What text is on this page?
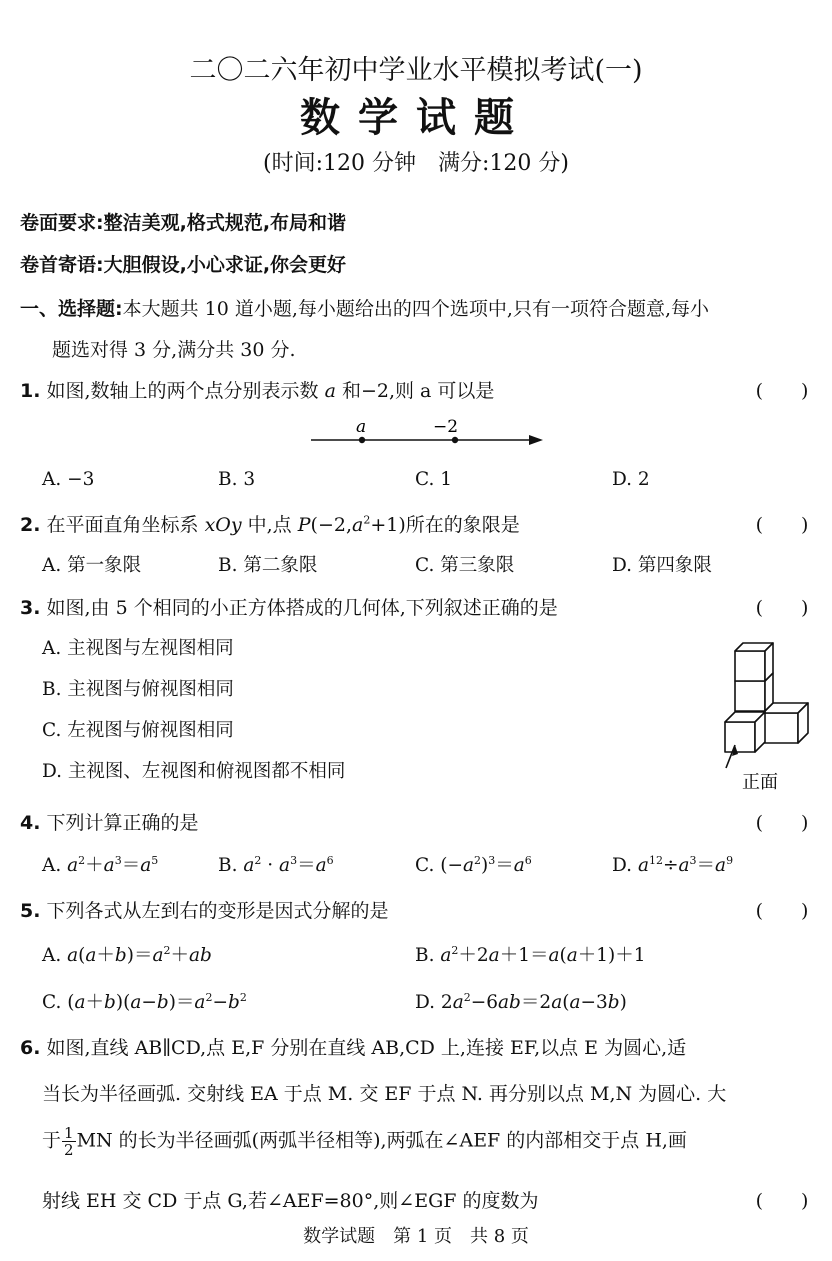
二〇二六年初中学业水平模拟考试(一)
数学试题
(时间:120 分钟　满分:120 分)
卷面要求:整洁美观,格式规范,布局和谐
卷首寄语:大胆假设,小心求证,你会更好
一、选择题:本大题共 10 道小题,每小题给出的四个选项中,只有一项符合题意,每小
题选对得 3 分,满分共 30 分.
1. 如图,数轴上的两个点分别表示数 a 和−2,则 a 可以是	(　　)
a	−2
A. −3	B. 3	C. 1	D. 2
2. 在平面直角坐标系 xOy 中,点 $P(-2,a^2+1)$所在的象限是	(　　)
A. 第一象限	B. 第二象限	C. 第三象限	D. 第四象限
3. 如图,由 5 个相同的小正方体搭成的几何体,下列叙述正确的是	(　　)
A. 主视图与左视图相同
B. 主视图与俯视图相同
C. 左视图与俯视图相同
D. 主视图、左视图和俯视图都不相同
正面
4. 下列计算正确的是	(　　)
A. $a^2+a^3=a^5$	B. $a^2 \cdot a^3=a^6$	C. $(-a^2)^3=a^6$	D. $a^{12}\div a^3=a^9$
5. 下列各式从左到右的变形是因式分解的是	(　　)
A. $a(a+b)=a^2+ab$	B. $a^2+2a+1=a(a+1)+1$
C. $(a+b)(a-b)=a^2-b^2$	D. $2a^2-6ab=2a(a-3b)$
6. 如图,直线 AB∥CD,点 E,F 分别在直线 AB,CD 上,连接 EF,以点 E 为圆心,适
当长为半径画弧. 交射线 EA 于点 M. 交 EF 于点 N. 再分别以点 M,N 为圆心. 大
于 $\frac{1}{2}$ MN 的长为半径画弧(两弧半径相等),两弧在∠AEF 的内部相交于点 H,画
射线 EH 交 CD 于点 G,若∠AEF=80°,则∠EGF 的度数为	(　　)
数学试题　第 1 页　共 8 页
